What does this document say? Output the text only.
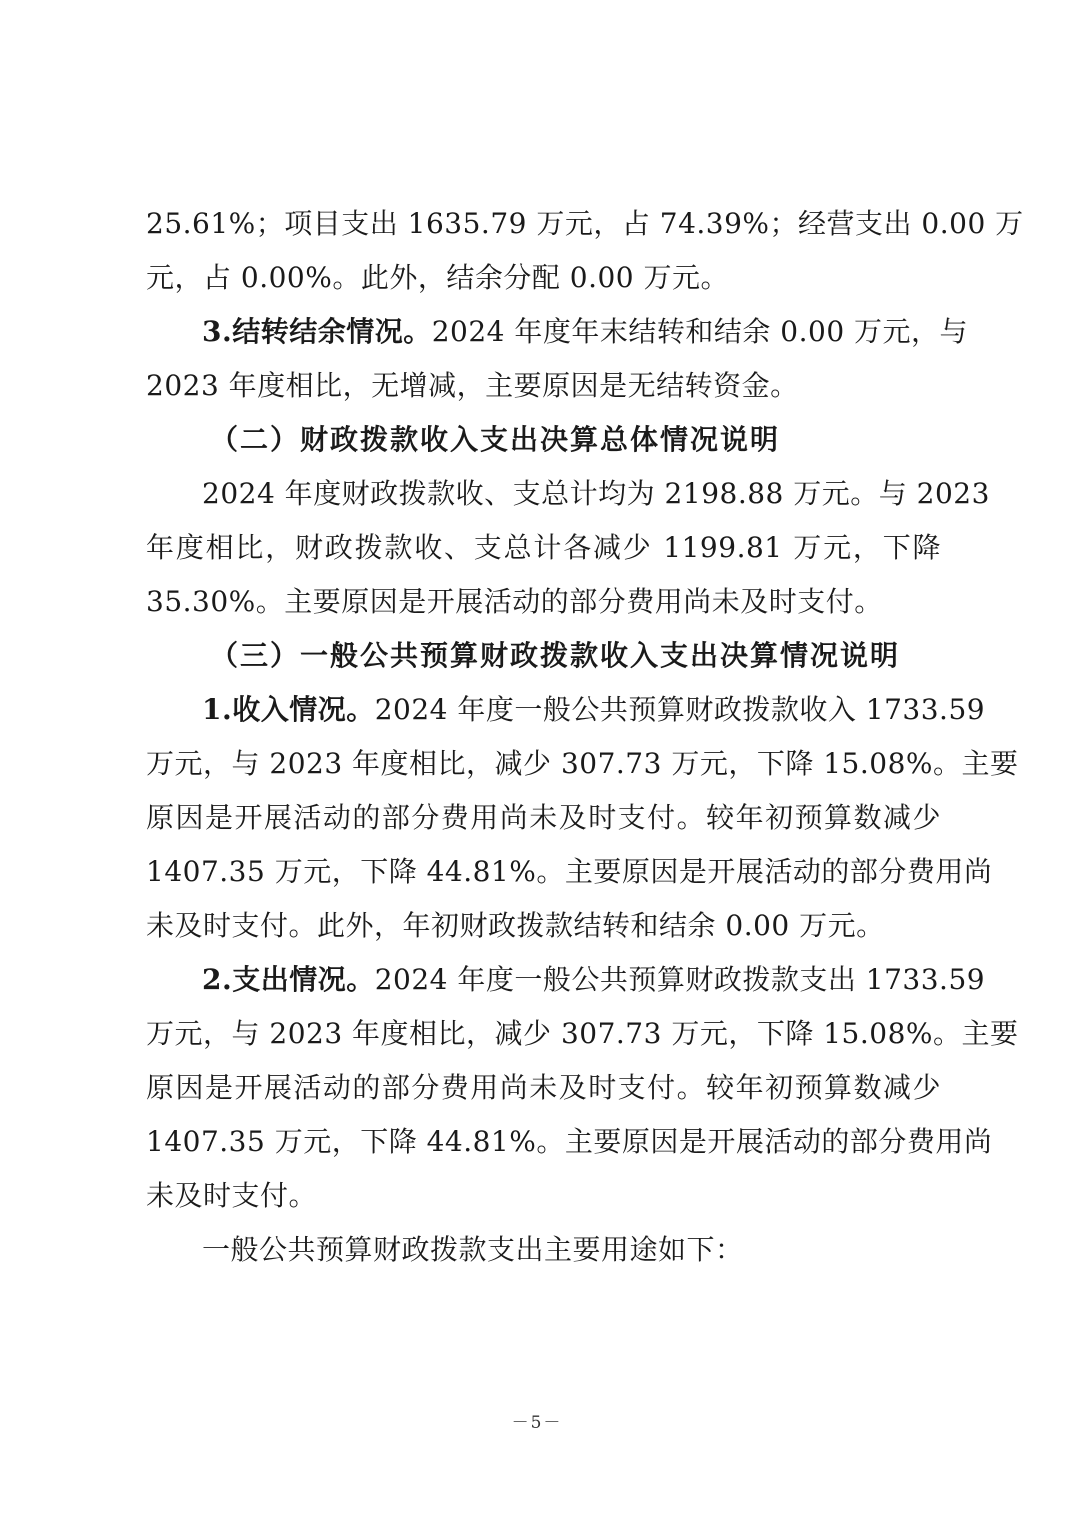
25.61%；项目支出 1635.79 万元，占 74.39%；经营支出 0.00 万
元，占 0.00%。此外，结余分配 0.00 万元。
3.结转结余情况。2024 年度年末结转和结余 0.00 万元，与
2023 年度相比，无增减，主要原因是无结转资金。
（二）财政拨款收入支出决算总体情况说明
2024 年度财政拨款收、支总计均为 2198.88 万元。与 2023
年度相比，财政拨款收、支总计各减少 1199.81 万元，下降
35.30%。主要原因是开展活动的部分费用尚未及时支付。
（三）一般公共预算财政拨款收入支出决算情况说明
1.收入情况。2024 年度一般公共预算财政拨款收入 1733.59
万元，与 2023 年度相比，减少 307.73 万元，下降 15.08%。主要
原因是开展活动的部分费用尚未及时支付。较年初预算数减少
1407.35 万元，下降 44.81%。主要原因是开展活动的部分费用尚
未及时支付。此外，年初财政拨款结转和结余 0.00 万元。
2.支出情况。2024 年度一般公共预算财政拨款支出 1733.59
万元，与 2023 年度相比，减少 307.73 万元，下降 15.08%。主要
原因是开展活动的部分费用尚未及时支付。较年初预算数减少
1407.35 万元，下降 44.81%。主要原因是开展活动的部分费用尚
未及时支付。
一般公共预算财政拨款支出主要用途如下：
－5－
